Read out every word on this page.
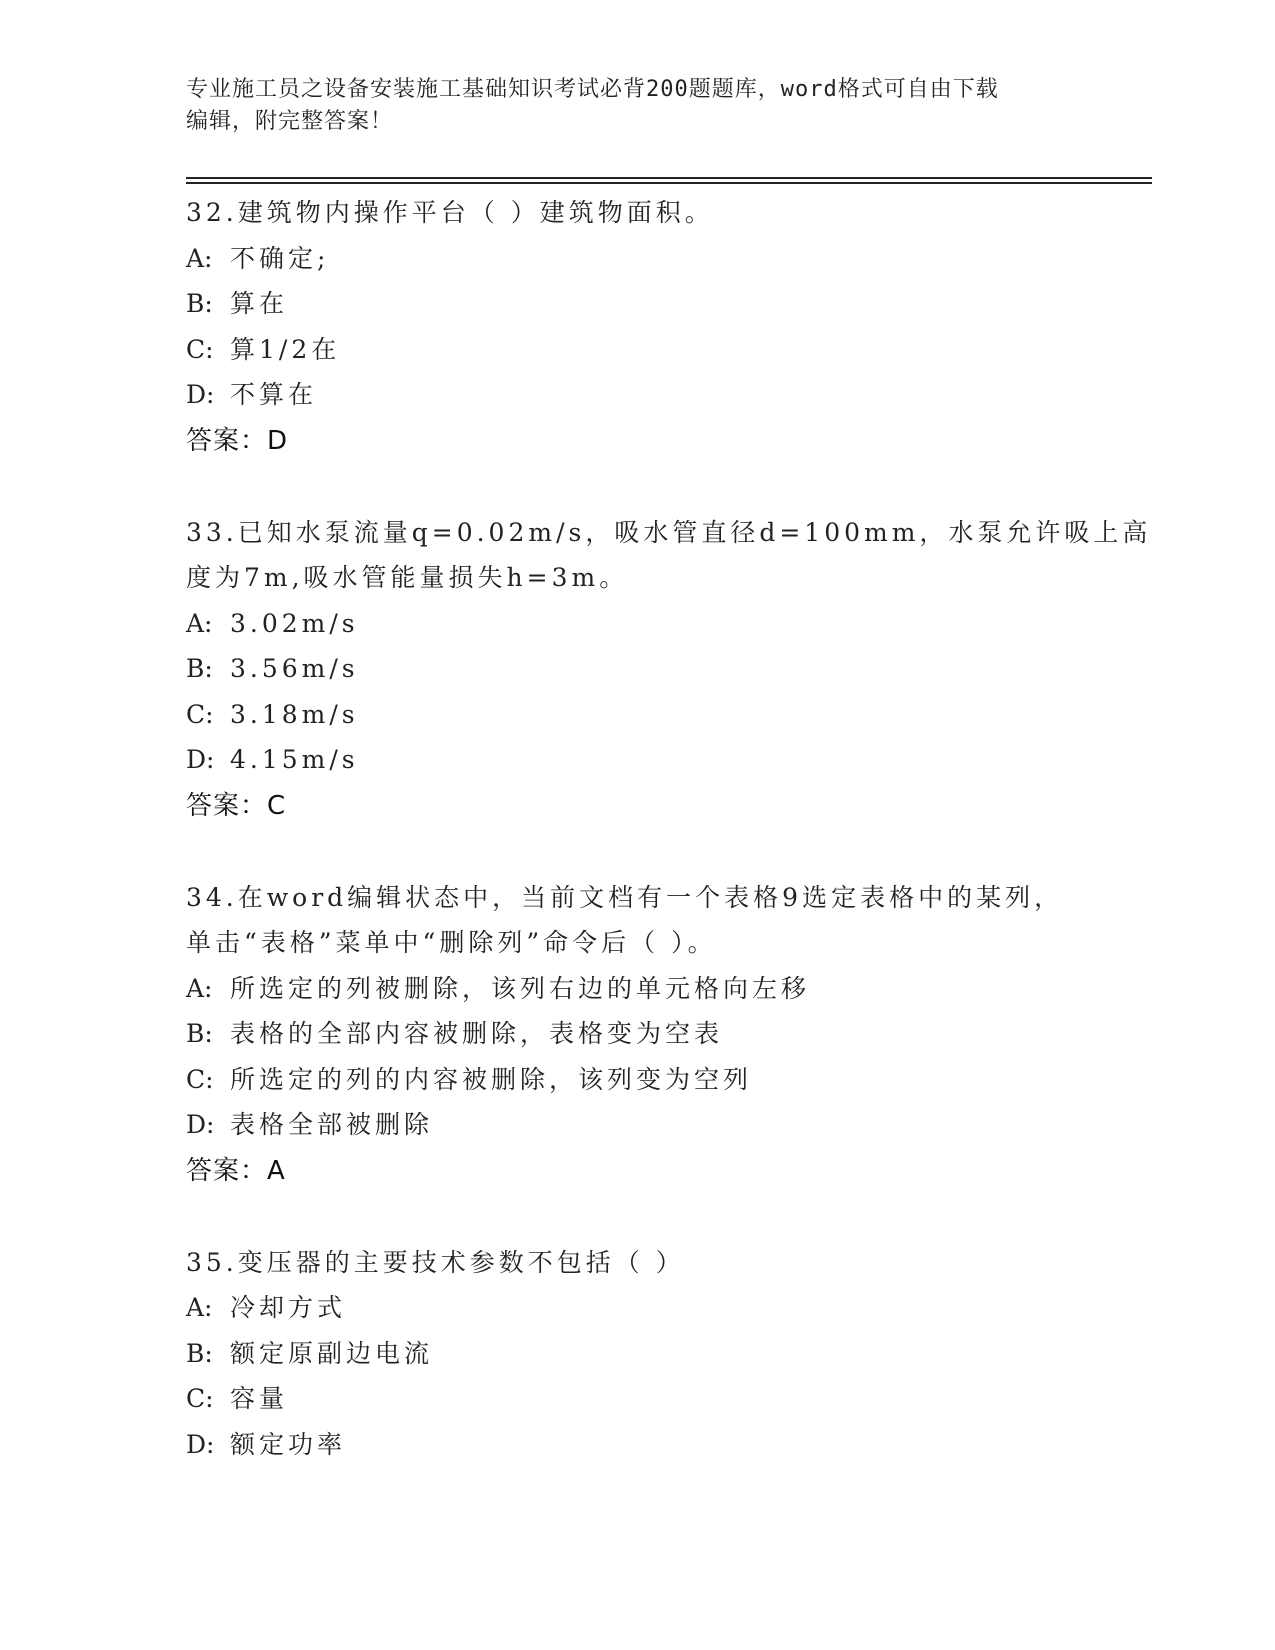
专业施工员之设备安装施工基础知识考试必背200题题库，word格式可自由下载
编辑，附完整答案！
32.建筑物内操作平台（ ）建筑物面积。
A: 不确定;
B: 算在
C: 算1/2在
D: 不算在
答案：D
33.已知水泵流量q=0.02m/s，吸水管直径d=100mm，水泵允许吸上高
度为7m,吸水管能量损失h=3m。
A: 3.02m/s
B: 3.56m/s
C: 3.18m/s
D: 4.15m/s
答案：C
34.在word编辑状态中，当前文档有一个表格9选定表格中的某列，
单击“表格”菜单中“删除列”命令后（ ）。
A: 所选定的列被删除，该列右边的单元格向左移
B: 表格的全部内容被删除，表格变为空表
C: 所选定的列的内容被删除，该列变为空列
D: 表格全部被删除
答案：A
35.变压器的主要技术参数不包括（ ）
A: 冷却方式
B: 额定原副边电流
C: 容量
D: 额定功率
